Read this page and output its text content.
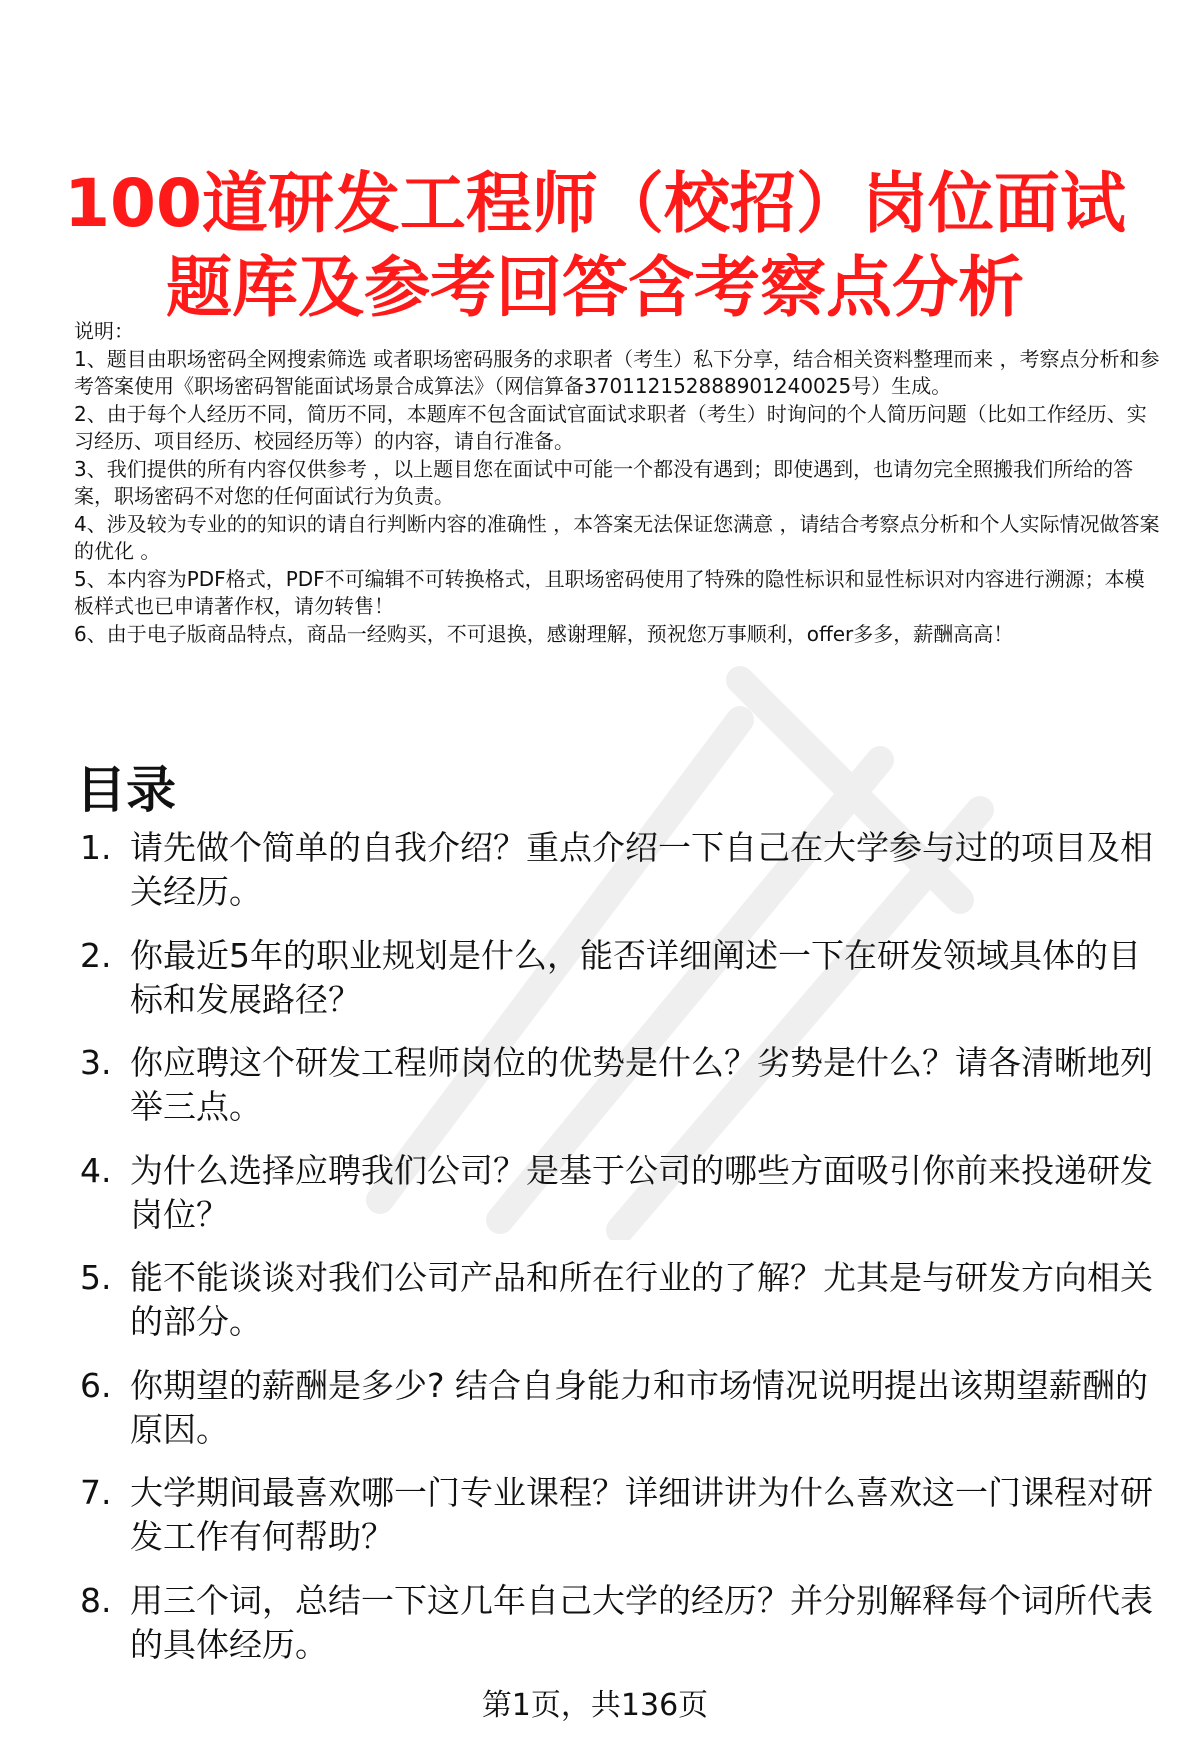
100道研发工程师（校招）岗位面试
题库及参考回答含考察点分析
说明：
1、题目由职场密码全网搜索筛选 或者职场密码服务的求职者（考生）私下分享，结合相关资料整理而来 ，考察点分析和参考答案使用《职场密码智能面试场景合成算法》（网信算备370112152888901240025号）生成。
2、由于每个人经历不同，简历不同，本题库不包含面试官面试求职者（考生）时询问的个人简历问题（比如工作经历、实习经历、项目经历、校园经历等）的内容，请自行准备。
3、我们提供的所有内容仅供参考 ，以上题目您在面试中可能一个都没有遇到；即使遇到，也请勿完全照搬我们所给的答案，职场密码不对您的任何面试行为负责。
4、涉及较为专业的的知识的请自行判断内容的准确性 ，本答案无法保证您满意 ，请结合考察点分析和个人实际情况做答案的优化 。
5、本内容为PDF格式，PDF不可编辑不可转换格式，且职场密码使用了特殊的隐性标识和显性标识对内容进行溯源；本模板样式也已申请著作权，请勿转售！
6、由于电子版商品特点，商品一经购买，不可退换，感谢理解，预祝您万事顺利，offer多多，薪酬高高！
目录
1. 请先做个简单的自我介绍？重点介绍一下自己在大学参与过的项目及相关经历。
2. 你最近5年的职业规划是什么，能否详细阐述一下在研发领域具体的目标和发展路径？
3. 你应聘这个研发工程师岗位的优势是什么？劣势是什么？请各清晰地列举三点。
4. 为什么选择应聘我们公司？是基于公司的哪些方面吸引你前来投递研发岗位？
5. 能不能谈谈对我们公司产品和所在行业的了解？尤其是与研发方向相关的部分。
6. 你期望的薪酬是多少? 结合自身能力和市场情况说明提出该期望薪酬的原因。
7. 大学期间最喜欢哪一门专业课程？详细讲讲为什么喜欢这一门课程对研发工作有何帮助？
8. 用三个词，总结一下这几年自己大学的经历？并分别解释每个词所代表的具体经历。
第1页，共136页
